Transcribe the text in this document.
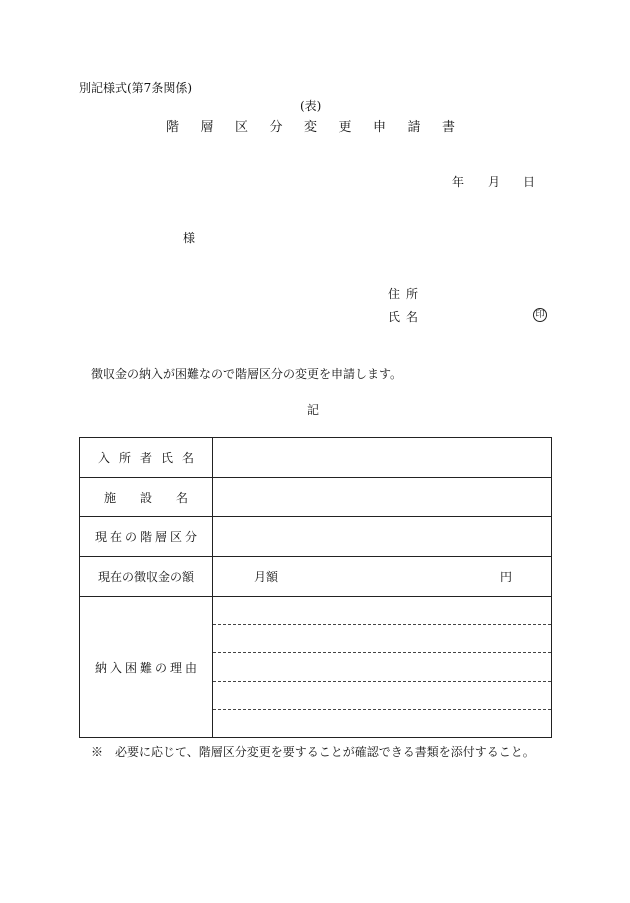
別記様式(第7条関係)
(表)
階層区分変更申請書
年 月 日
様
住所
氏名	印
徴収金の納入が困難なので階層区分の変更を申請します。
記
入所者氏名
施設名
現在の階層区分
現在の徴収金の額	月額	円
納入困難の理由
※　必要に応じて、階層区分変更を要することが確認できる書類を添付すること。
